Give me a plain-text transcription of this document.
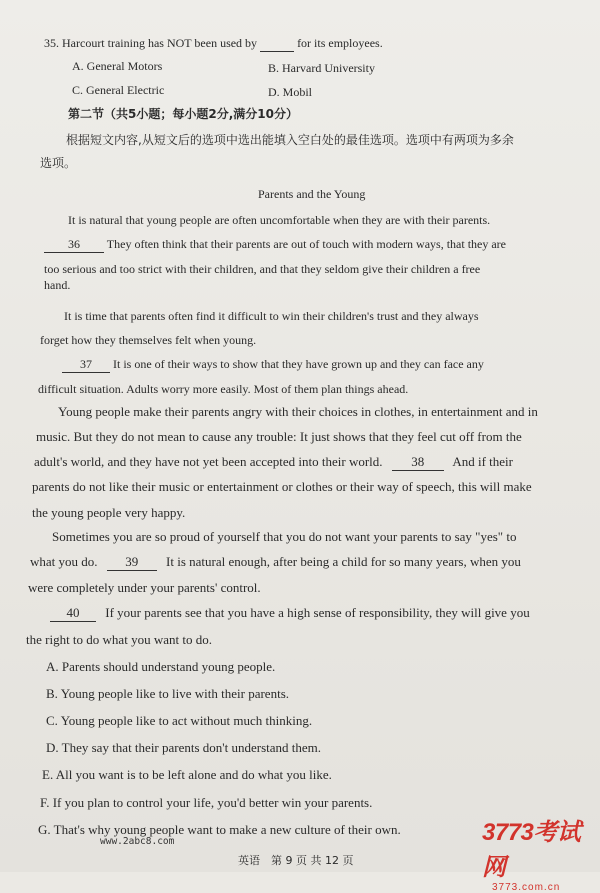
35. Harcourt training has NOT been used by	for its employees.
A. General Motors	B. Harvard University
C. General Electric	D. Mobil
第二节（共5小题；每小题2分,满分10分）
根据短文内容,从短文后的选项中选出能填入空白处的最佳选项。选项中有两项为多余
选项。
Parents and the Young
It is natural that young people are often uncomfortable when they are with their parents.
36 They often think that their parents are out of touch with modern ways, that they are
too serious and too strict with their children, and that they seldom give their children a free
hand.
It is time that parents often find it difficult to win their children's trust and they always
forget how they themselves felt when young.
37 It is one of their ways to show that they have grown up and they can face any
difficult situation. Adults worry more easily. Most of them plan things ahead.
Young people make their parents angry with their choices in clothes, in entertainment and in
music. But they do not mean to cause any trouble: It just shows that they feel cut off from the
adult's world, and they have not yet been accepted into their world. 38 And if their
parents do not like their music or entertainment or clothes or their way of speech, this will make
the young people very happy.
Sometimes you are so proud of yourself that you do not want your parents to say "yes" to
what you do. 39 It is natural enough, after being a child for so many years, when you
were completely under your parents' control.
40 If your parents see that you have a high sense of responsibility, they will give you
the right to do what you want to do.
A. Parents should understand young people.
B. Young people like to live with their parents.
C. Young people like to act without much thinking.
D. They say that their parents don't understand them.
E. All you want is to be left alone and do what you like.
F. If you plan to control your life, you'd better win your parents.
G. That's why young people want to make a new culture of their own.
www.2abc8.com
英语　第 9 页 共 12 页
3773考试网
3773.com.cn
